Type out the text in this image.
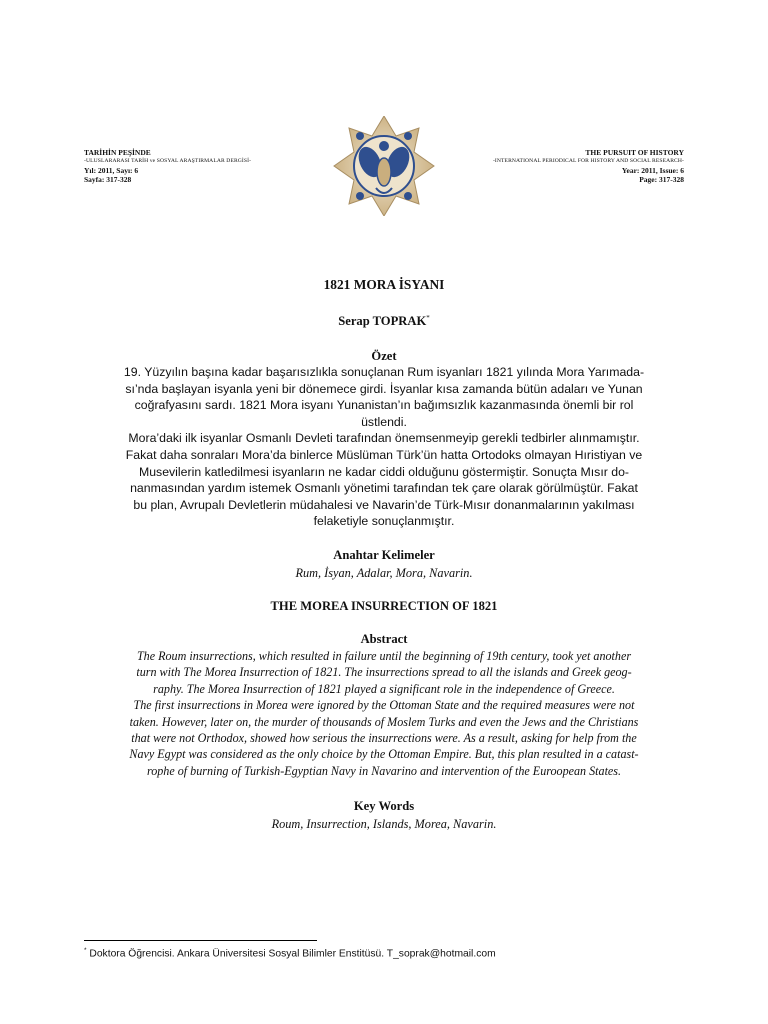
TARİHİN PEŞİNDE
-ULUSLARARASI TARİH ve SOSYAL ARAŞTIRMALAR DERGİSİ-
Yıl: 2011, Sayı: 6
Sayfa: 317-328
THE PURSUIT OF HISTORY
-INTERNATIONAL PERIODICAL FOR HISTORY AND SOCIAL RESEARCH-
Year: 2011, Issue: 6
Page: 317-328
1821 MORA İSYANI
Serap TOPRAK*
Özet

19. Yüzyılın başına kadar başarısızlıkla sonuçlanan Rum isyanları 1821 yılında Mora Yarımada-

sı’nda başlayan isyanla yeni bir dönemece girdi. İsyanlar kısa zamanda bütün adaları ve Yunan

coğrafyasını sardı. 1821 Mora isyanı Yunanistan’ın bağımsızlık kazanmasında önemli bir rol

üstlendi.

Mora’daki ilk isyanlar Osmanlı Devleti tarafından önemsenmeyip gerekli tedbirler alınmamıştır.

Fakat daha sonraları Mora’da binlerce Müslüman Türk’ün hatta Ortodoks olmayan Hıristiyan ve

Musevilerin katledilmesi isyanların ne kadar ciddi olduğunu göstermiştir. Sonuçta Mısır do-

nanmasından yardım istemek Osmanlı yönetimi tarafından tek çare olarak görülmüştür. Fakat

bu plan, Avrupalı Devletlerin müdahalesi ve Navarin’de Türk-Mısır donanmalarının yakılması

felaketiyle sonuçlanmıştır.

Anahtar Kelimeler
Rum, İsyan, Adalar, Mora, Navarin.
THE MOREA INSURRECTION OF 1821
Abstract

The Roum insurrections, which resulted in failure until the beginning of 19th century, took yet another

turn with The Morea Insurrection of 1821. The insurrections spread to all the islands and Greek geog-

raphy. The Morea Insurrection of 1821 played a significant role in the independence of Greece.

The first insurrections in Morea were ignored by the Ottoman State and the required measures were not

taken. However, later on, the murder of thousands of Moslem Turks and even the Jews and the Christians

that were not Orthodox, showed how serious the insurrections were. As a result, asking for help from the

Navy Egypt was considered as the only choice by the Ottoman Empire. But, this plan resulted in a catast-

rophe of burning of Turkish-Egyptian Navy in Navarino and intervention of the Euroopean States.

Key Words
Roum, Insurrection, Islands, Morea, Navarin.
* Doktora Öğrencisi. Ankara Üniversitesi Sosyal Bilimler Enstitüsü. T_soprak@hotmail.com
